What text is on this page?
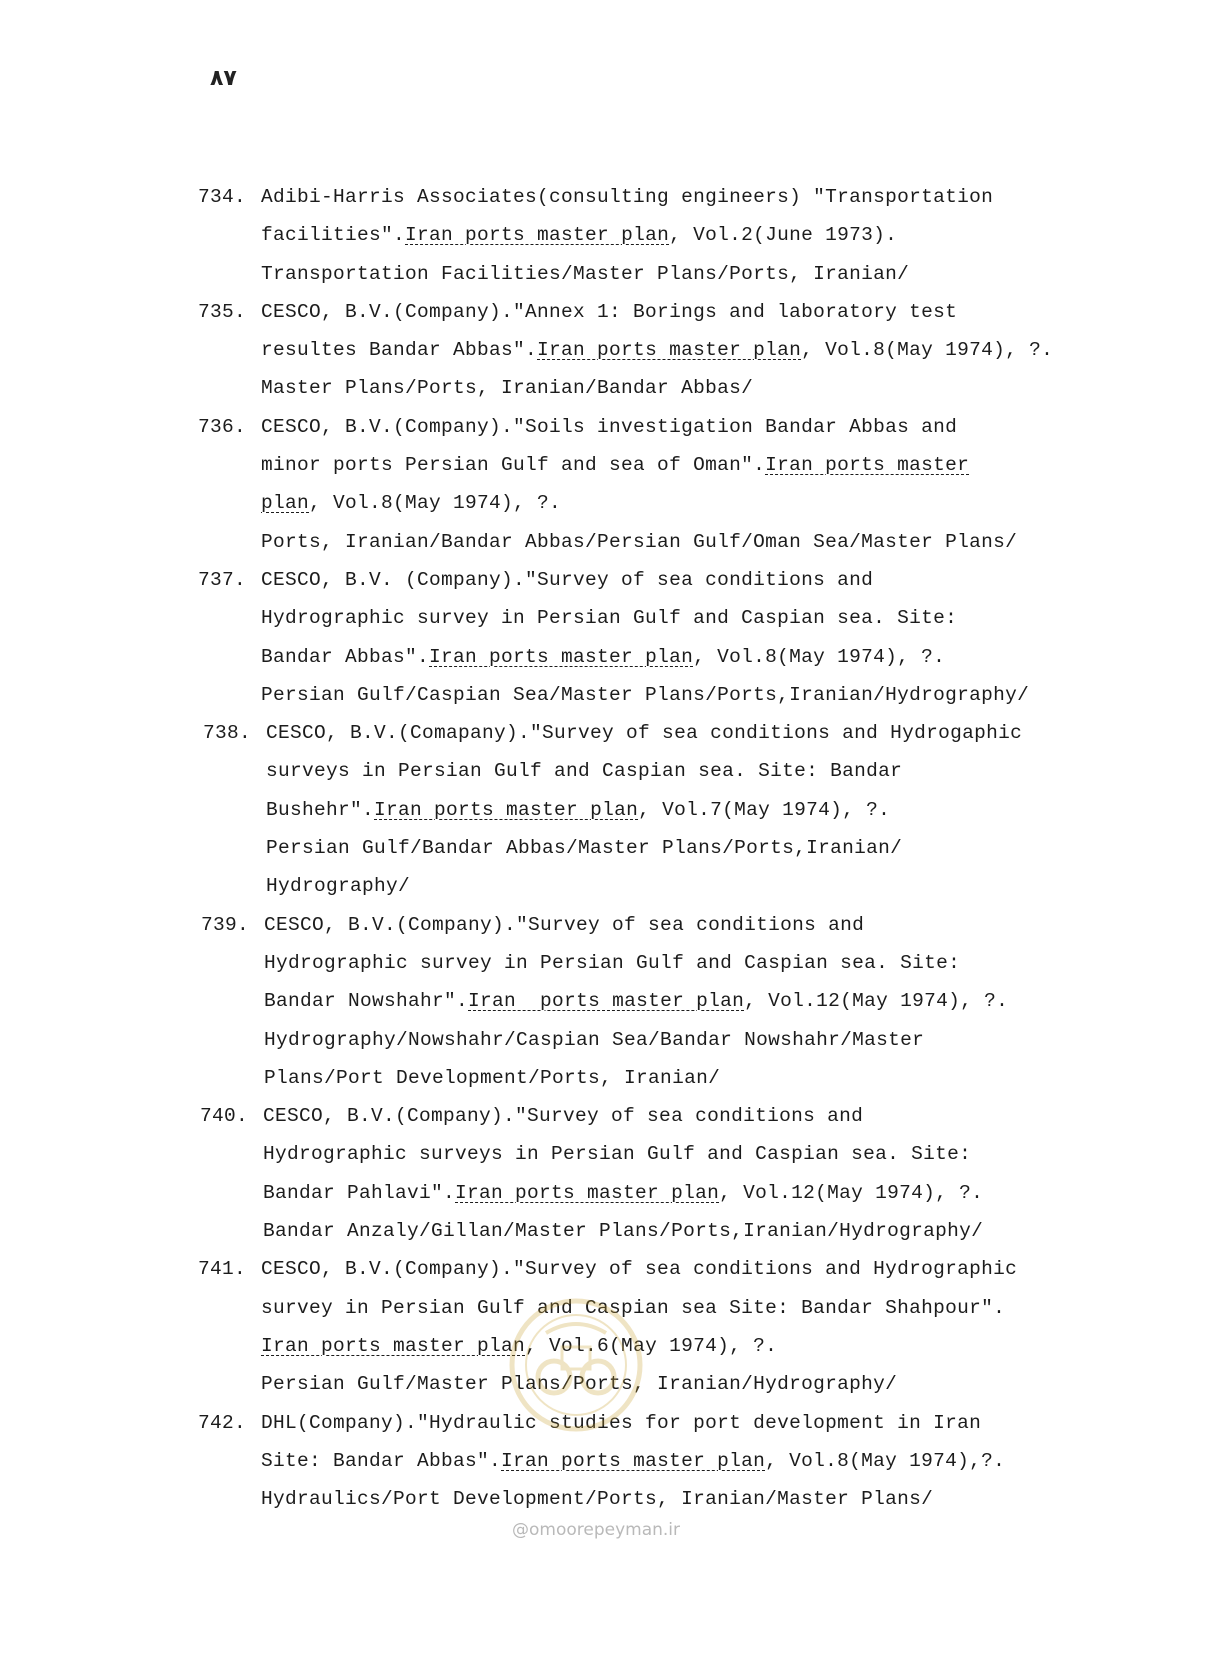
۸۷
734. Adibi-Harris Associates(consulting engineers) "Transportation
facilities".Iran ports master plan, Vol.2(June 1973).
Transportation Facilities/Master Plans/Ports, Iranian/
735. CESCO, B.V.(Company)."Annex 1: Borings and laboratory test
resultes Bandar Abbas".Iran ports master plan, Vol.8(May 1974), ?.
Master Plans/Ports, Iranian/Bandar Abbas/
736. CESCO, B.V.(Company)."Soils investigation Bandar Abbas and
minor ports Persian Gulf and sea of Oman".Iran ports master
plan, Vol.8(May 1974), ?.
Ports, Iranian/Bandar Abbas/Persian Gulf/Oman Sea/Master Plans/
737. CESCO, B.V. (Company)."Survey of sea conditions and
Hydrographic survey in Persian Gulf and Caspian sea. Site:
Bandar Abbas".Iran ports master plan, Vol.8(May 1974), ?.
Persian Gulf/Caspian Sea/Master Plans/Ports,Iranian/Hydrography/
738. CESCO, B.V.(Comapany)."Survey of sea conditions and Hydrogaphic
surveys in Persian Gulf and Caspian sea. Site: Bandar
Bushehr".Iran ports master plan, Vol.7(May 1974), ?.
Persian Gulf/Bandar Abbas/Master Plans/Ports,Iranian/
Hydrography/
739. CESCO, B.V.(Company)."Survey of sea conditions and
Hydrographic survey in Persian Gulf and Caspian sea. Site:
Bandar Nowshahr".Iran  ports master plan, Vol.12(May 1974), ?.
Hydrography/Nowshahr/Caspian Sea/Bandar Nowshahr/Master
Plans/Port Development/Ports, Iranian/
740. CESCO, B.V.(Company)."Survey of sea conditions and
Hydrographic surveys in Persian Gulf and Caspian sea. Site:
Bandar Pahlavi".Iran ports master plan, Vol.12(May 1974), ?.
Bandar Anzaly/Gillan/Master Plans/Ports,Iranian/Hydrography/
741. CESCO, B.V.(Company)."Survey of sea conditions and Hydrographic
survey in Persian Gulf and Caspian sea Site: Bandar Shahpour".
Iran ports master plan, Vol.6(May 1974), ?.
Persian Gulf/Master Plans/Ports, Iranian/Hydrography/
742. DHL(Company)."Hydraulic studies for port development in Iran
Site: Bandar Abbas".Iran ports master plan, Vol.8(May 1974),?.
Hydraulics/Port Development/Ports, Iranian/Master Plans/
@omoorepeyman.ir
